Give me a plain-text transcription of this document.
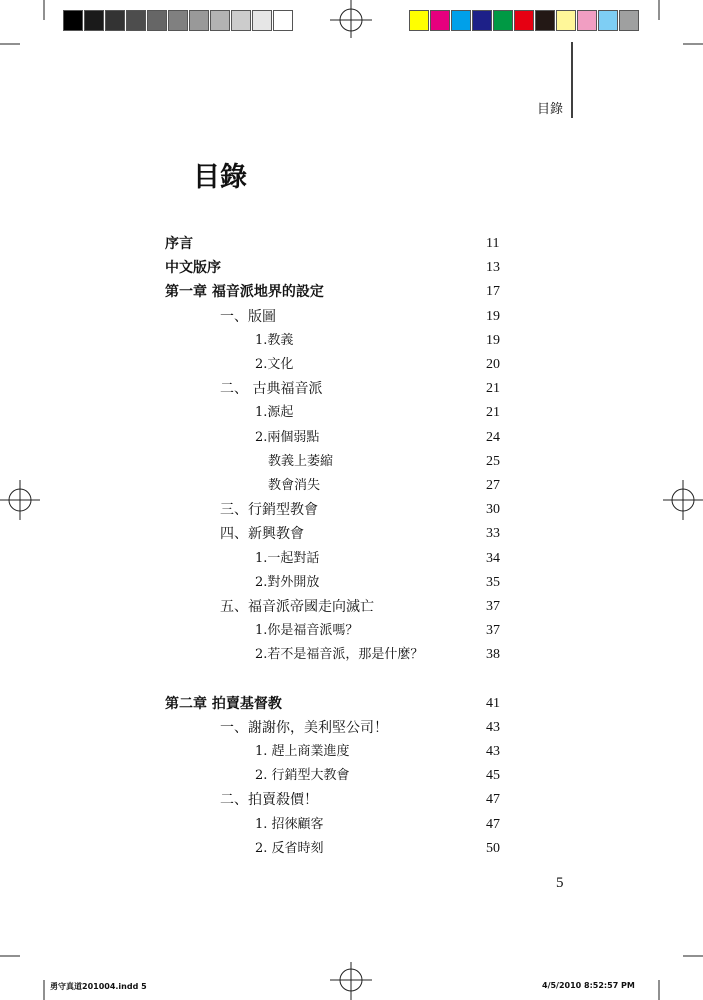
目錄
目錄
序言	11
中文版序	13
第一章 福音派地界的設定	17
一、版圖	19
1.教義	19
2.文化	20
二、 古典福音派	21
1.源起	21
2.兩個弱點	24
教義上萎縮	25
教會消失	27
三、行銷型教會	30
四、新興教會	33
1.一起對話	34
2.對外開放	35
五、福音派帝國走向滅亡	37
1.你是福音派嗎？	37
2.若不是福音派，那是什麼？	38
第二章 拍賣基督教	41
一、謝謝你，美利堅公司！	43
1. 趕上商業進度	43
2. 行銷型大教會	45
二、拍賣殺價！	47
1. 招徠顧客	47
2. 反省時刻	50
5
勇守真道201004.indd 5	4/5/2010 8:52:57 PM
